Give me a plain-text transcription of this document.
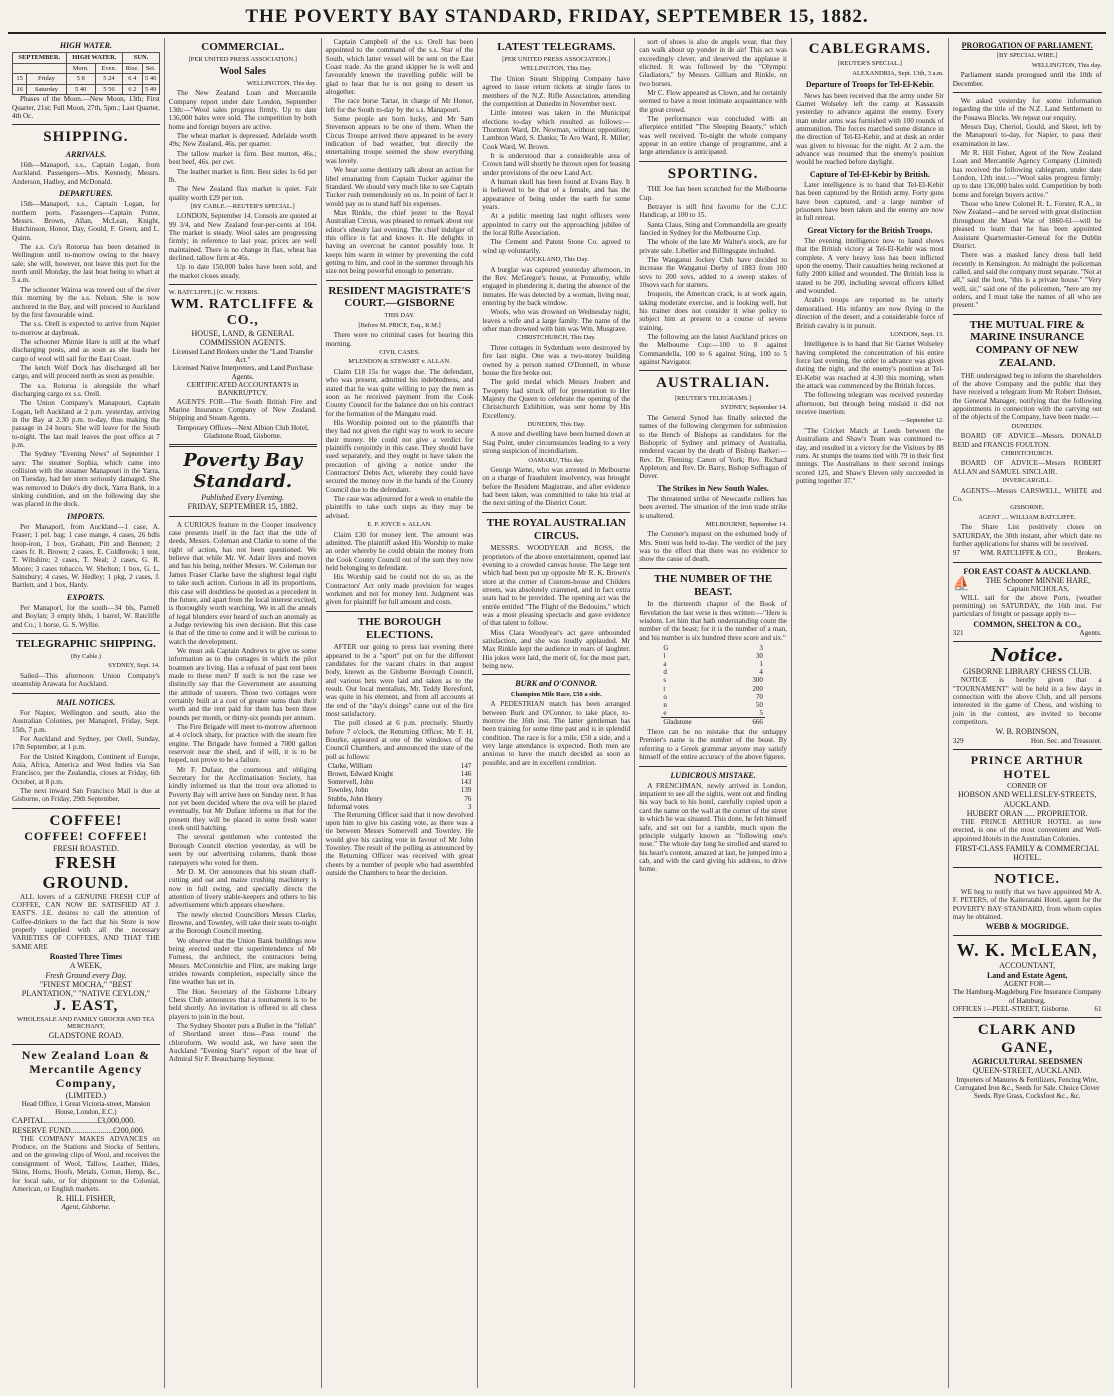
THE POVERTY BAY STANDARD, FRIDAY, SEPTEMBER 15, 1882.
HIGH WATER.
SEPTEMBER.		HIGH WATER.		SUN.	
		Morn.	Even.	Rise.	Set.
15	Friday	5 8	5 24	6 4	5 46
16	Saturday	5 40	5 56	6 2	5 49

Phases of the Moon.—New Moon, 13th; First Quarter, 21st; Full Moon, 27th, 5pm.; Last Quarter, 4th Oc.

SHIPPING.
ARRIVALS.

16th—Manaporl, s.s., Captain Logan, from Auckland. Passengers—Mrs. Kennedy, Messrs. Anderson, Hadley, and McDonald.

DEPARTURES.

15th—Manaporl, s.s., Captain Logan, for northern ports. Passengers—Captain Potter, Messrs. Brown, Allan, McLean, Knight, Hutchinson, Honor, Day, Gould, F. Green, and L. Quinn.

The s.s. Co's Rotorua has been detained in Wellington until to-morrow owing to the heavy sale; she will, however, not leave this port for the north until Monday, the last boat being to whart at 5 a.m.

The schooner Wairoa was towed out of the river this morning by the s.s. Nelson. She is now anchored in the Bay, and will proceed to Auckland by the first favourable wind.

The s.s. Orell is expected to arrive from Napier to-morrow at daybreak.

The schooner Minnie Hare is still at the wharf discharging posts, and as soon as she loads her cargo of wool will sail for the East Coast.

The ketch Wolf Dock has discharged all her cargo, and will proceed north as soon as possible.

The s.s. Rotorua is alongside the wharf discharging cargo ex s.s. Orell.

The Union Company's Manapouri, Captain Logan, left Auckland at 2 p.m. yesterday, arriving in the Bay at 2.30 p.m. to-day, thus making the passage in 24 hours. She will leave for the South to-night. The last mail leaves the post office at 7 p.m.

The Sydney "Evening News" of September 1 says: The steamer Sophia, which came into collision with the steamer Manapouri in the Yarra, on Tuesday, had her stern seriously damaged. She was removed to Duke's dry dock, Yarra Bank, in a sinking condition, and on the following day she was placed in the dock.

IMPORTS.

Per Manaporl, from Auckland—1 case, A. Fraser; 1 pel. bag; 1 case mange, 4 cases, 26 bdls hoop-iron, 1 box, Graham, Pitt and Bennett; 2 cases fr. R. Brown; 2 cases, E. Coldbrook; 1 tent, T. Wiltshire; 2 cases, T. Neal; 2 cases, G. R. Moore; 3 cases tobacco, W. Shelton; 1 box, G. L. Sainsbury; 4 cases, W. Hedley; 1 pkg, 2 cases, J. Bartlett, and 1 box, Hardy.

EXPORTS.

Per Manaporl, for the south—34 bls, Parnell and Boylan; 3 empty hhds, 1 barrel, W. Ratcliffe and Co.; 1 horse, G. S. Wyllie.

TELEGRAPHIC SHIPPING.
(By Cable.)
SYDNEY, Sept. 14.

Sailed—This afternoon: Union Company's steamship Arawata for Auckland.

MAIL NOTICES.

For Napier, Wellington and south, also the Australian Colonies, per Manaporl, Friday, Sept. 15th, 7 p.m.

For Auckland and Sydney, per Orell, Sunday, 17th September, at 1 p.m.

For the United Kingdom, Continent of Europe, Asia, Africa, America and West Indies via San Francisco, per the Zealandia, closes at Friday, 6th October, at 8 p.m.

The next inward San Francisco Mail is due at Gisborne, on Friday, 29th September.

COFFEE!
COFFEE! COFFEE!
FRESH ROASTED.
FRESH GROUND.

ALL lovers of a GENUINE FRESH CUP of COFFEE, CAN NOW BE SATISFIED AT J. EAST'S. J.E. desires to call the attention of Coffee-drinkers to the fact that his Store is now properly supplied with all the necessary VARIETIES OF COFFEES, AND THAT THE SAME ARE

Roasted Three Times
A WEEK,
Fresh Ground every Day.
"FINEST MOCHA," "BEST PLANTATION," "NATIVE CEYLON,"
J. EAST,
WHOLESALE AND FAMILY GROCER AND TEA MERCHANT,
GLADSTONE ROAD.
New Zealand Loan & Mercantile Agency Company,
(LIMITED.)
Head Office, 1 Great Victoria-street, Mansion House, London, E.C.)
CAPITAL..........................£3,000,000.
RESERVE FUND.....................£200,000.

THE COMPANY MAKES ADVANCES on Produce, on the Stations and Stocks of Settlers, and on the growing clips of Wool, and receives the consignment of Wool, Tallow, Leather, Hides, Skins, Horns, Hoofs, Metals, Cotton, Hemp, &c., for local sale, or for shipment to the Colonial, American, or English markets.

R. HILL FISHER,
Agent, Gisborne.
COMMERCIAL.
[PER UNITED PRESS ASSOCIATION.]
Wool Sales
WELLINGTON, This day.

The New Zealand Loan and Mercantile Company report under date London, September 13th:—"Wool sales progress firmly. Up to date 136,000 bales were sold. The competition by both home and foreign buyers are active.

The wheat market is depressed. Adelaide worth 49s; New Zealand, 46s. per quarter.

The tallow market is firm. Best mutton, 46s.; best beef, 46s. per cwt.

The leather market is firm. Best sides 1s 6d per lb.

The New Zealand flax market is quiet. Fair quality worth £29 per ton.

[BY CABLE.—REUTER'S SPECIAL.]

LONDON, September 14. Consols are quoted at 99 3/4, and New Zealand four-per-cents at 104. The market is steady. Wool sales are progressing firmly; in reference to last year, prices are well maintained. There is no change in flax, wheat has declined, tallow firm at 46s.

Up to date 150,000 bales have been sold, and the market closes steady.

W. RATCLIFFE.] [C. W. FERRIS.
WM. RATCLIFFE & CO.,
HOUSE, LAND, & GENERAL COMMISSION AGENTS.
Licensed Land Brokers under the "Land Transfer Act."
Licensed Native Interpreters, and Land Purchase Agents.
CERTIFICATED ACCOUNTANTS in BANKRUPTCY.

AGENTS FOR—The South British Fire and Marine Insurance Company of New Zealand. Shipping and Steam Agents.

Temporary Offices—Next Albion Club Hotel, Gladstone Road, Gisborne.
Poverty Bay Standard.
Published Every Evening.
FRIDAY, SEPTEMBER 15, 1882.

A CURIOUS feature in the Cooper insolvency case presents itself in the fact that the title of deeds, Messrs. Coleman and Clarke to some of the right of action, has not been questioned. We believe that while Mr. W. Adair lives and moves and has his being, neither Messrs. W. Coleman nor James Fraser Clarke have the slightest legal right to take such action. Curious in all its proportions, this case will doubtless be quoted as a precedent in the future, and apart from the local interest excited, is thoroughly worth watching. We in all the annals of legal blunders ever heard of such an anomaly as a Judge reviewing his own decision. But this case is that of the time to come and it will be curious to watch the development.

We must ask Captain Andrews to give us some information as to the cottages in which the pilot boatmen are living. Has a refusal of past rent been made to these men? If such is not the case we distinctly say that the Government are assuming the attitude of usurers. Those two cottages were certainly built at a cost of greater sums than their worth and the rent paid for them has been three pounds per month, or thirty-six pounds per annum.

The Fire Brigade will meet to-morrow afternoon at 4 o'clock sharp, for practice with the steam fire engine. The Brigade have formed a 7000 gallon reservoir near the shed, and if will, it is to be hoped, not prove to be a failure.

Mr F. Dufaur, the courteous and obliging Secretary for the Acclimatisation Society, has kindly informed us that the trout ova allotted to Poverty Bay will arrive here on Sunday next. It has not yet been decided where the ova will be placed eventually, but Mr Dufaur informs us that for the present they will be placed in some fresh water creek until hatching.

The several gentlemen who contested the Borough Council election yesterday, as will be seen by our advertising columns, thank those ratepayers who voted for them.

Mr D. M. Orr announces that his steam chaff-cutting and oat and maize crushing machinery is now in full swing, and specially directs the attention of livery stable-keepers and others to his advertisement which appears elsewhere.

The newly elected Councillors Messrs Clarke, Browne, and Townley, will take their seats to-night at the Borough Council meeting.

We observe that the Union Bank buildings now being erected under the superintendence of Mr Furness, the architect, the contractors being Messrs. McConnichie and Flint, are making large strides towards completion, especially since the fine weather has set in.

The Hon. Secretary of the Gisborne Library Chess Club announces that a tournament is to be held shortly. An invitation is offered to all chess players to join in the bout.

The Sydney Shooter puts a Bullet in the "fellah" of Shortland street thus—Pass round the chloroform. We would ask, we have seen the Auckland "Evening Star's" report of the heat of Admiral Sir F. Beauchamp Seymour.

Captain Campbell of the s.s. Orell has been appointed to the command of the s.s. Star of the South, which latter vessel will be sent on the East Coast trade. As the grand skipper he is well and favourably known the travelling public will be glad to hear that he is not going to desert us altogether.

The race horse Tartar, in charge of Mr Honor, left for the South to-day by the s.s. Manapouri.

Some people are born lucky, and Mr Sam Stevenson appears to be one of them. When the Circus Troupe arrived there appeared to be every indication of bad weather, but directly the entertaining troupe seemed the show everything was lovely.

We hear some dentistry talk about an action for libel emanating from Captain Tucker against the Standard. We should very much like to see Captain Tucker rush tremendously on us. In point of fact it would pay us to stand half his expenses.

Max Rinkle, the chief jester to the Royal Australian Circus, was pleased to remark about our editor's obesity last evening. The chief indulger of this office is fat and knows it. He delights in having an overcoat he cannot possibly lose. It keeps him warm in winter by preventing the cold getting to him, and cool in the summer through his size not being powerful enough to penetrate.

RESIDENT MAGISTRATE'S COURT.—GISBORNE
THIS DAY.
[Before M. PRICE, Esq., R.M.]

There were no criminal cases for hearing this morning.

CIVIL CASES.
M'LENDON & STEWART v. ALLAN.

Claim £18 15s for wages due. The defendant, who was present, admitted his indebtedness, and stated that he was quite willing to pay the men as soon as he received payment from the Cook County Council for the balance due on his contract for the formation of the Mangatu road.

His Worship pointed out to the plaintiffs that they had not given the right way to work to secure their money. He could not give a verdict for plaintiffs conjointly in this case. They should have sued separately, and they ought to have taken the precaution of giving a notice under the Contractors' Debts Act, whereby they could have secured the money now in the hands of the County Council due to the defendant.

The case was adjourned for a week to enable the plaintiffs to take such steps as they may be advised.

E. P. JOYCE v. ALLAN.

Claim £30 for money lent. The amount was admitted. The plaintiff asked His Worship to make an order whereby he could obtain the money from the Cook County Council out of the sum they now held belonging to defendant.

His Worship said he could not do so, as the Contractors' Act only made provision for wages workmen and not for money lent. Judgment was given for plaintiff for full amount and costs.

THE BOROUGH ELECTIONS.

AFTER our going to press last evening there appeared to be a "spurt" put on for the different candidates for the vacant chairs in that august body, known as the Gisborne Borough Council, and various bets were laid and taken as to the result. Our local mentalists, Mr. Teddy Beresford, was quite in his element, and from all accounts at the end of the "day's doings" came out of the fire most satisfactory.

The poll closed at 6 p.m. precisely. Shortly before 7 o'clock, the Returning Officer, Mr F. H. Bourke, appeared at one of the windows of the Council Chambers, and announced the state of the poll as follows:

Clarke, William	147
Brown, Edward Knight	146
Somervell, John	143
Townley, John	139
Stubbs, John Henry	76
Informal votes	3

The Returning Officer said that it now devolved upon him to give his casting vote, as there was a tie between Messrs Somervell and Townley. He would give his casting vote in favour of Mr John Townley. The result of the polling as announced by the Returning Officer was received with great cheers by a number of people who had assembled outside the Chambers to hear the decision.

LATEST TELEGRAMS.
[PER UNITED PRESS ASSOCIATION.]
WELLINGTON, This Day.

The Union Steam Shipping Company have agreed to issue return tickets at single fares to members of the N.Z. Rifle Association, attending the competition at Dunedin in November next.

Little interest was taken in the Municipal elections to-day which resulted as follows:—Thornton Ward, Dr. Newman, without opposition; Lambton Ward, S. Danks; Te Aro Ward, R. Miller; Cook Ward, W. Brown.

It is understood that a considerable area of Crown land will shortly be thrown open for leasing under provisions of the new Land Act.

A human skull has been found at Evans Bay. It is believed to be that of a female, and has the appearance of being under the earth for some years.

At a public meeting last night officers were appointed to carry out the approaching jubilee of the local Rifle Association.

The Cement and Patent Stone Co. agreed to wind up voluntarily.

AUCKLAND, This Day.

A burglar was captured yesterday afternoon, in the Rev. McGregor's house, at Ponsonby, while engaged in plundering it, during the absence of the inmates. He was detected by a woman, living near, entering by the back window.

Wools, who was drowned on Wednesday night, leaves a wife and a large family. The name of the other man drowned with him was Wm. Musgrave.

CHRISTCHURCH, This Day.

Three cottages in Sydenham were destroyed by fire last night. One was a two-storey building owned by a person named O'Donnell, in whose house the fire broke out.

The gold medal which Messrs Joubert and Twopeny had struck off for presentation to Her Majesty the Queen to celebrate the opening of the Christchurch Exhibition, was sent home by His Excellency.

DUNEDIN, This Day.

A stove and dwelling have been burned down at Stag Point, under circumstances leading to a very strong suspicion of incendiarism.

OAMARU, This day.

George Warne, who was arrested in Melbourne on a charge of fraudulent insolvency, was brought before the Resident Magistrate, and after evidence had been taken, was committed to take his trial at the next sitting of the District Court.

THE ROYAL AUSTRALIAN CIRCUS.

MESSRS. WOODYEAR and ROSS, the proprietors of the above entertainment, opened last evening to a crowded canvas house. The large tent which had been put up opposite Mr R. K. Brown's store at the corner of Custom-house and Childers streets, was absolutely crammed, and in fact extra seats had to be provided. The opening act was the entrée entitled "The Flight of the Bedouins," which was a most pleasing spectacle and gave evidence of that talent to follow.

Miss Clara Woodyear's act gave unbounded satisfaction, and she was loudly applauded. Mr Max Rinkle kept the audience in roars of laughter. His jokes were laid, the merit of, for the most part, being new.

BURK and O'CONNOR.
Champion Mile Race, £50 a side.

A PEDESTRIAN match has been arranged between Burk and O'Connor, to take place, to-morrow the 16th inst. The latter gentleman has been training for some time past and is in splendid condition. The race is for a mile, £50 a side, and a very large attendance is expected. Both men are anxious to have the match decided as soon as possible, and are in excellent condition.

sort of shoes is also de angels wear, that they can walk about up yonder in de air! This act was exceedingly clever, and deserved the applause it elicited. It was followed by the "Olympic Gladiators," by Messrs. Gilliam and Rinkle, on two horses.

Mr C. Flow appeared as Clown, and he certainly seemed to have a most intimate acquaintance with the great crowd.

The performance was concluded with an afterpiece entitled "The Sleeping Beauty," which was well received. To-night the whole company appear in an entire change of programme, and a large attendance is anticipated.

SPORTING.

THE Joe has been scratched for the Melbourne Cup.

Betrayer is still first favorite for the C.J.C Handicap, at 100 to 15.

Santa Claus, Sting and Commandella are greatly fancied in Sydney for the Melbourne Cup.

The whole of the late Mr Walter's stock, are for private sale. Libeller and Billingsgate included.

The Wanganui Jockey Club have decided to increase the Wanganui Derby of 1883 from 100 sovs to 200 sovs, added to a sweep stakes of 10sovs each for starters.

Iroquois, the American crack, is at work again, taking moderate exercise, and is looking well, but his trainer does not consider it wise policy to subject him at present to a course of severe training.

The following are the latest Auckland prices on the Melbourne Cup:—100 to 8 against Commandella, 100 to 6 against Sting, 100 to 5 against Navigator.

AUSTRALIAN.
[REUTER'S TELEGRAMS.]
SYDNEY, September 14.

The General Synod has finally selected the names of the following clergymen for submission to the Bench of Bishops as candidates for the Bishopric of Sydney and primacy of Australia, rendered vacant by the death of Bishop Barker:—Rev. Dr. Fleming; Canon of York; Rev. Richard Appleton; and Rev. Dr. Barry, Bishop Suffragan of Dover.

The Strikes in New South Wales.

The threatened strike of Newcastle colliers has been averted. The situation of the iron trade strike is unaltered.

MELBOURNE, September 14.

The Coroner's inquest on the exhumed body of Mrs. Stent was held to-day. The verdict of the jury was to the effect that there was no evidence to show the cause of death.

THE NUMBER OF THE BEAST.

In the thirteenth chapter of the Book of Revelation the last verse is thus written:—"Here is wisdom. Let him that hath understanding count the number of the beast; for it is the number of a man, and his number is six hundred three score and six."

G	3
l	30
a	1
d	4
s	300
t	200
o	70
n	50
e	5
Gladstone	666

There can be no mistake that the unhappy Premier's name is the number of the beast. By referring to a Greek grammar anyone may satisfy himself of the entire accuracy of the above figures.

LUDICROUS MISTAKE.

A FRENCHMAN, newly arrived in London, impatient to see all the sights, went out and finding his way back to his hotel, carefully copied upon a card the name on the wall at the corner of the street in which he was situated. This done, he felt himself safe, and set out for a ramble, much upon the principle vulgarly known as "following one's nose." The whole day long he strolled and stared to his heart's content, amazed at last, he jumped into a cab, and with the card giving his address, to drive home.

CABLEGRAMS.
[REUTER'S SPECIAL.]
ALEXANDRIA, Sept. 13th, 3 a.m.
Departure of Troops for Tel-El-Kebir.

News has been received that the army under Sir Garnet Wolseley left the camp at Kassassin yesterday to advance against the enemy. Every man under arms was furnished with 100 rounds of ammunition. The forces marched some distance in the direction of Tel-El-Kebir, and at dusk an order was given to bivouac for the night. At 2 a.m. the advance was resumed that the enemy's position would be reached before daylight.

Capture of Tel-El-Kebir by British.

Later intelligence is to hand that Tel-El-Kebir has been captured by the British army. Forty guns have been captured, and a large number of prisoners have been taken and the enemy are now in full retreat.

Great Victory for the British Troops.

The evening intelligence now to hand shows that the British victory at Tel-El-Kebir was most complete. A very heavy loss has been inflicted upon the enemy. Their casualties being reckoned at fully 2000 killed and wounded. The British loss is stated to be 200, including several officers killed and wounded.

Arabi's troops are reported to be utterly demoralised. His infantry are now flying in the direction of the desert, and a considerable force of British cavalry is in pursuit.

LONDON, Sept. 13.

Intelligence is to hand that Sir Garnet Wolseley having completed the concentration of his entire force last evening, the order to advance was given during the night, and the enemy's position at Tel-El-Kebir was reached at 4.30 this morning, when the attack was commenced by the British forces.

The following telegram was received yesterday afternoon, but through being mislaid it did not receive insertion:

—September 12.

"The Cricket Match at Leeds between the Australians and Shaw's Team was continued to-day, and resulted in a victory for the Visitors by 88 runs. At stumps the teams tied with 79 in their first innings. The Australians in their second innings scored 125, and Shaw's Eleven only succeeded in putting together 37."

PROROGATION OF PARLIAMENT.
[BY SPECIAL WIRE.]
WELLINGTON, This day.

Parliament stands prorogued until the 10th of December.

We asked yesterday for some information regarding the title of the N.Z. Land Settlement to the Pouawa Blocks. We repeat our enquiry.

Messrs Day, Cheriol, Gould, and Skeet, left by the Manapouri to-day, for Napier, to pass their examination in law.

Mr R. Hill Fisher, Agent of the New Zealand Loan and Mercantile Agency Company (Limited) has received the following cablegram, under date London, 12th inst.:—"Wool sales progress firmly; up to date 136,000 bales sold. Competition by both home and foreign buyers active."

Those who knew Colonel R. L. Forster, R.A., in New Zealand—and he served with great distinction throughout the Maori War of 1860-61—will be pleased to learn that he has been appointed Assistant Quartermaster-General for the Dublin District.

There was a masked fancy dress ball held recently in Kensington. At midnight the policeman called, and said the company must separate. "Not at all," said the host, "this is a private house." "Very well, sir," said one of the policemen, "here are my orders, and I must take the names of all who are present."

THE MUTUAL FIRE & MARINE INSURANCE COMPANY OF NEW ZEALAND.

THE undersigned beg to inform the shareholders of the above Company and the public that they have received a telegram from Mr Robert Dobson, the General Manager, notifying that the following appointments in connection with the carrying out of the objects of the Company, have been made:—

DUNEDIN.

BOARD OF ADVICE—Messrs. DONALD REID and FRANCIS FOULTON.

CHRISTCHURCH.

BOARD OF ADVICE—Messrs ROBERT ALLAN and SAMUEL SINCLAIR.

INVERCARGILL.

AGENTS—Messrs CARSWELL, WHITE and Co.

GISBORNE.
AGENT .... WILLIAM RATCLIFFE.

The Share List positively closes on SATURDAY, the 30th instant, after which date no further applications for shares will be received.

97	WM. RATCLIFFE & CO.,	Brokers.
FOR EAST COAST & AUCKLAND.
⛵	THE Schooner MINNIE HARE,
Captain NICHOLAS,

WILL sail for the above Ports, (weather permitting) on SATURDAY, the 16th inst. For particulars of freight or passage apply to—

COMMON, SHELTON & CO.,
321	Agents.
Notice.
GISBORNE LIBRARY CHESS CLUB.

NOTICE is hereby given that a "TOURNAMENT" will be held in a few days in connection with the above Club, and all persons interested in the game of Chess, and wishing to join in the contest, are invited to become competitors.

W. B. ROBINSON,
329	Hon. Sec. and Treasurer.
PRINCE ARTHUR HOTEL
CORNER OF
HOBSON AND WELLESLEY-STREETS, AUCKLAND.
HUBERT ORAN ..... PROPRIETOR.

THE PRINCE ARTHUR HOTEL as now erected, is one of the most convenient and Well-appointed Hotels in the Australian Colonies.

FIRST-CLASS FAMILY & COMMERCIAL HOTEL.
NOTICE.

WE beg to notify that we have appointed Mr A. F. PETERS, of the Kaiteratahi Hotel, agent for the POVERTY BAY STANDARD, from whom copies may be obtained.

WEBB & MOGRIDGE.
W. K. McLEAN,
ACCOUNTANT,
Land and Estate Agent,
AGENT FOR—
The Hamburg-Magdeburg Fire Insurance Company of Hamburg.
OFFICES :—PEEL-STREET, Gisborne.	61
CLARK AND GANE,
AGRICULTURAL SEEDSMEN
QUEEN-STREET, AUCKLAND.
Importers of Manures & Fertilizers, Fencing Wire, Corrugated Iron &c., Seeds for Sale. Choice Clover Seeds. Rye Grass, Cocksfoot &c., &c.
